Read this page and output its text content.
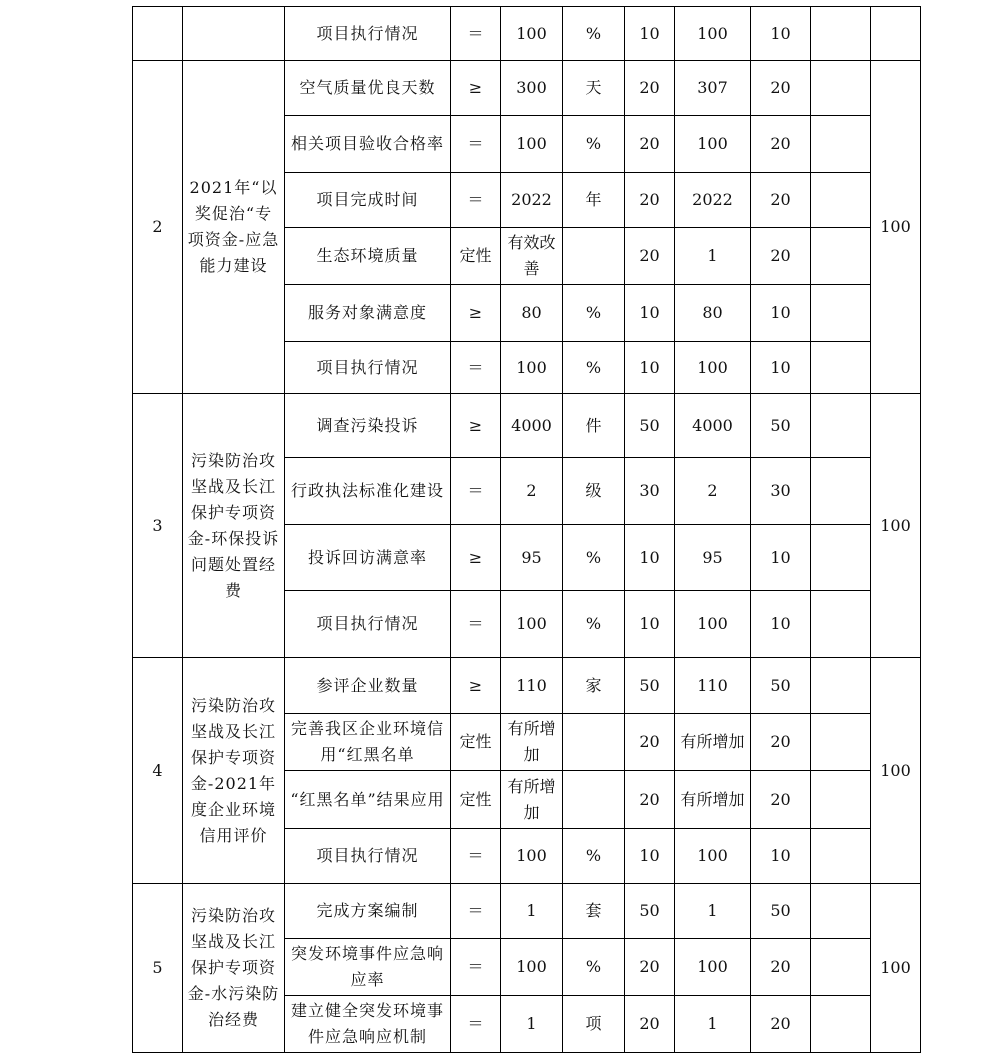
		项目执行情况	＝	100	%	10	100	10		
2	2021年“以奖促治“专项资金-应急能力建设	空气质量优良天数	≥	300	天	20	307	20		100
		相关项目验收合格率	＝	100	%	20	100	20		
		项目完成时间	＝	2022	年	20	2022	20		
		生态环境质量	定性	有效改善		20	1	20		
		服务对象满意度	≥	80	%	10	80	10		
		项目执行情况	＝	100	%	10	100	10		
3	污染防治攻坚战及长江保护专项资金-环保投诉问题处置经费	调查污染投诉	≥	4000	件	50	4000	50		100
		行政执法标准化建设	＝	2	级	30	2	30		
		投诉回访满意率	≥	95	%	10	95	10		
		项目执行情况	＝	100	%	10	100	10		
4	污染防治攻坚战及长江保护专项资金-2021年度企业环境信用评价	参评企业数量	≥	110	家	50	110	50		100
		完善我区企业环境信用“红黑名单	定性	有所增加		20	有所增加	20		
		“红黑名单”结果应用	定性	有所增加		20	有所增加	20		
		项目执行情况	＝	100	%	10	100	10		
5	污染防治攻坚战及长江保护专项资金-水污染防治经费	完成方案编制	＝	1	套	50	1	50		100
		突发环境事件应急响应率	＝	100	%	20	100	20		
		建立健全突发环境事件应急响应机制	＝	1	项	20	1	20		
